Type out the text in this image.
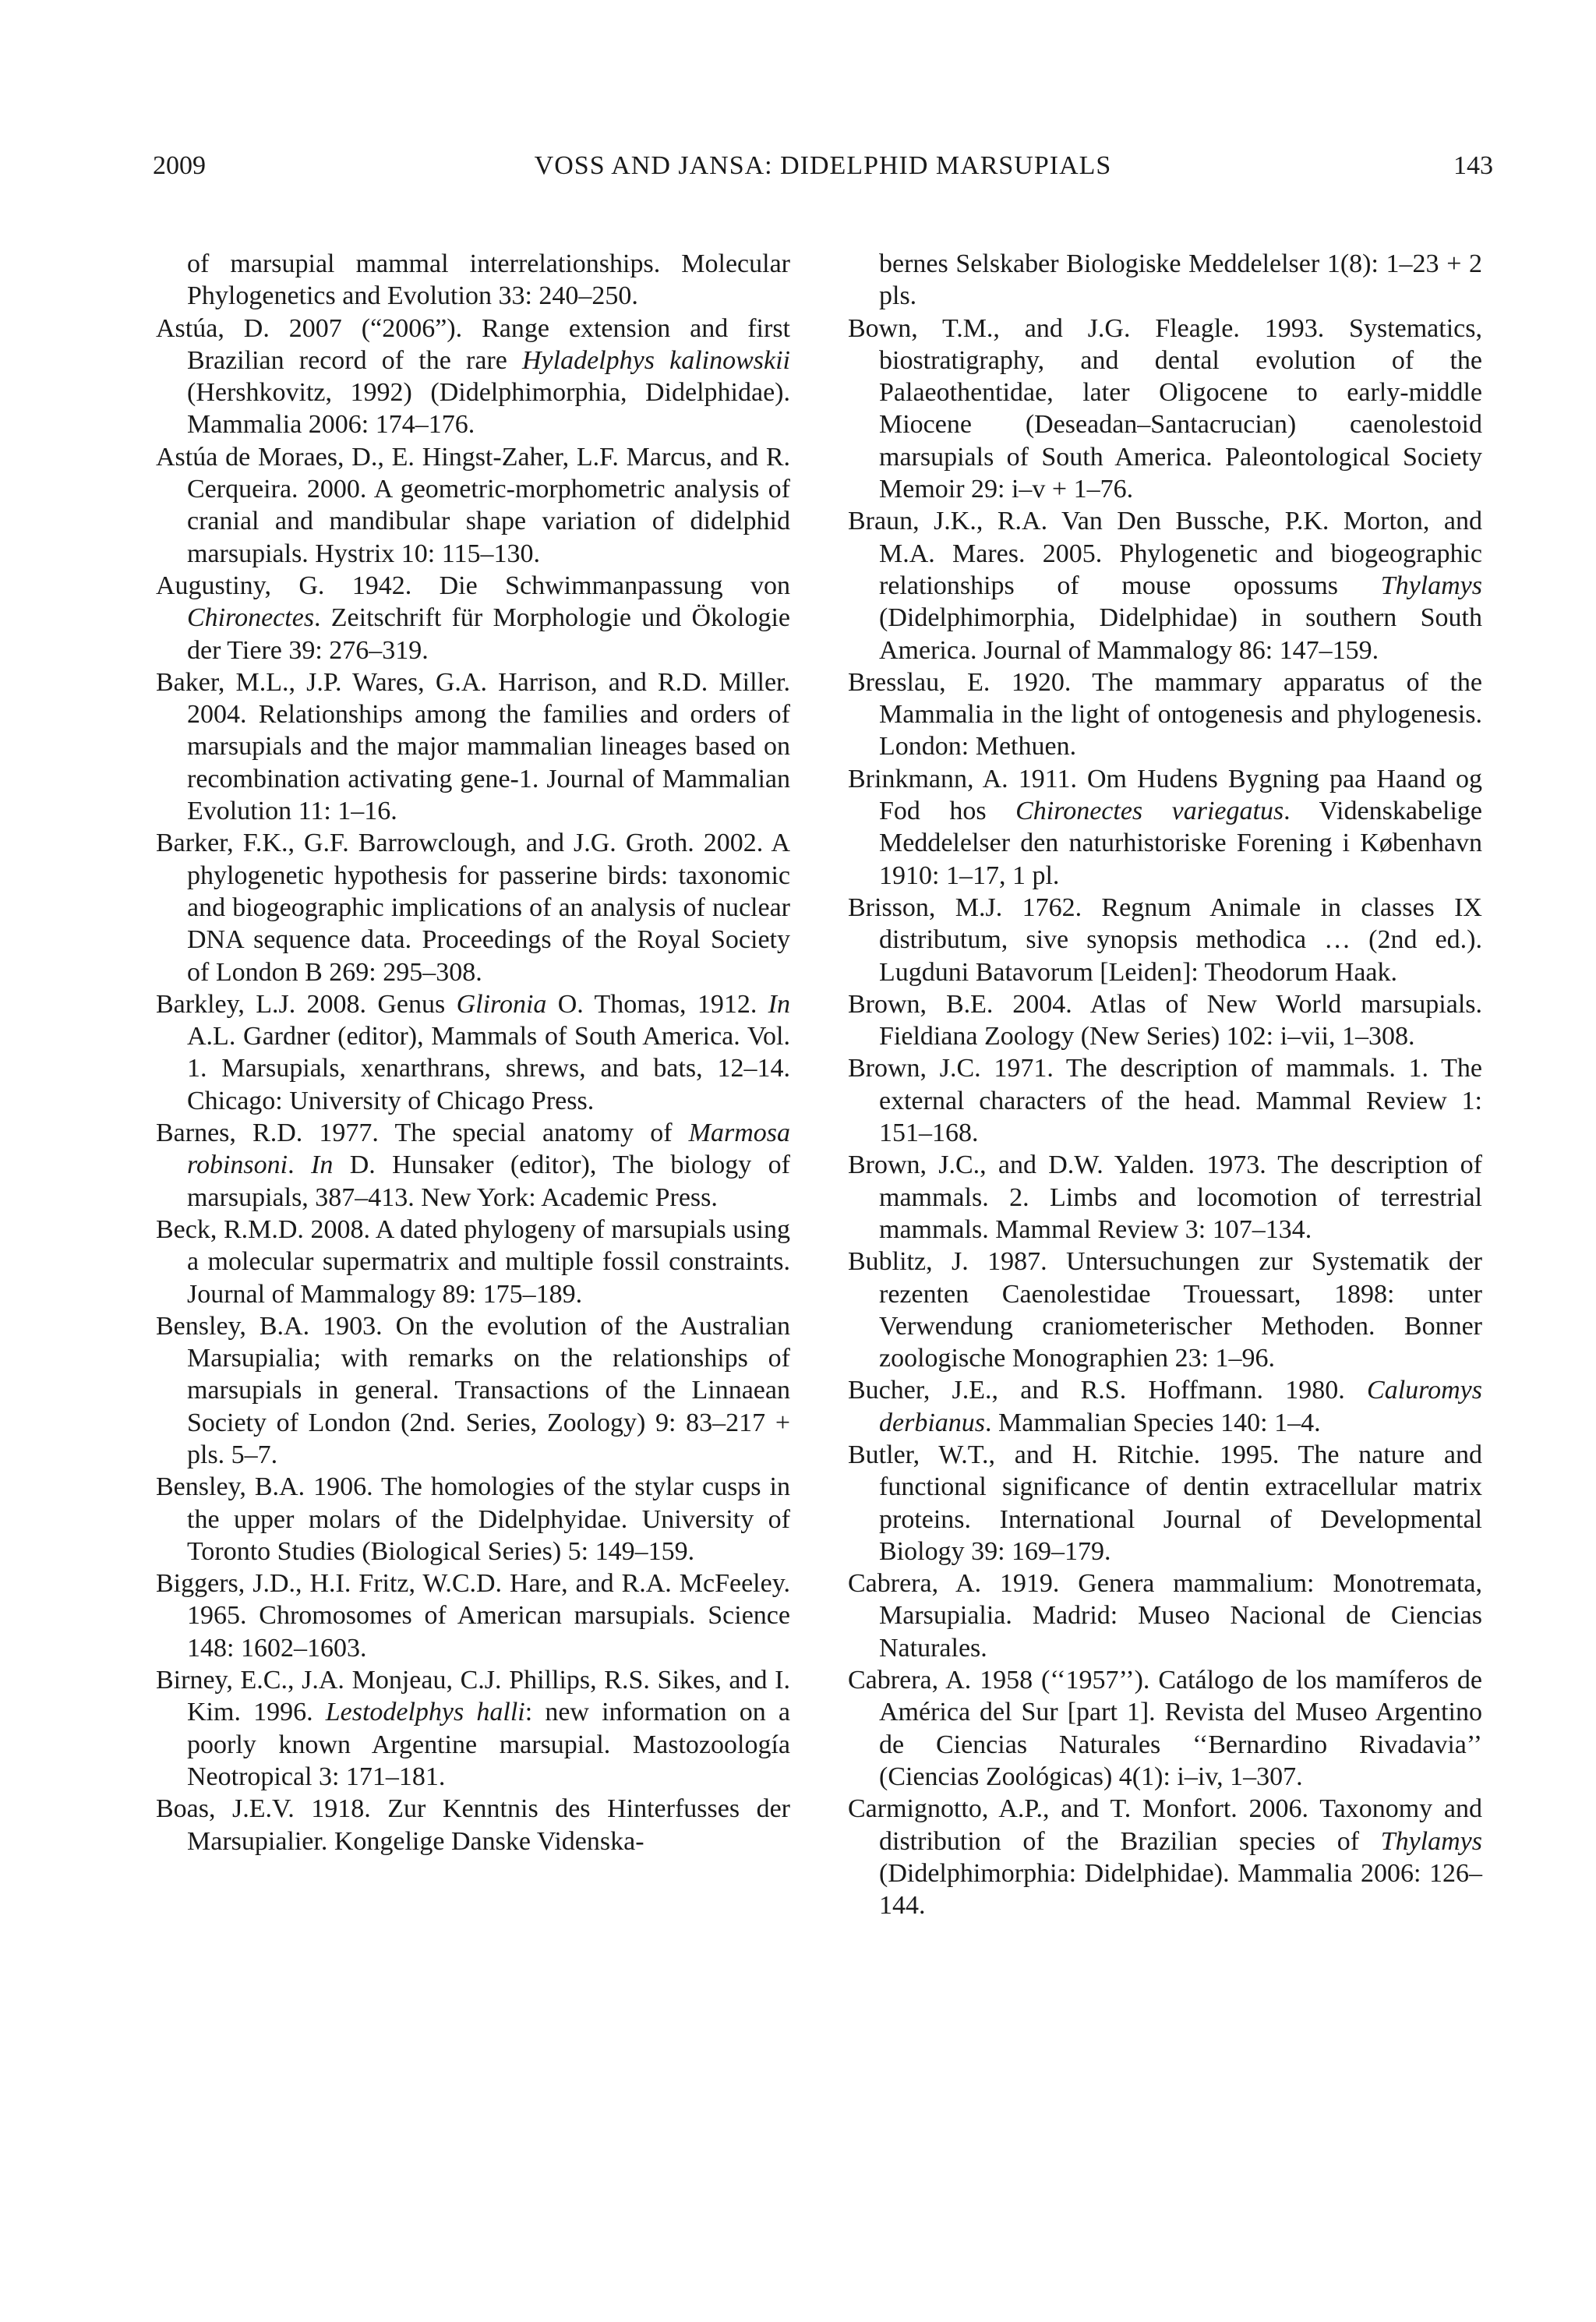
2009	VOSS AND JANSA: DIDELPHID MARSUPIALS	143

of marsupial mammal interrelationships. Molecular Phylogenetics and Evolution 33: 240–250.

Astúa, D. 2007 (“2006”). Range extension and first Brazilian record of the rare Hyladelphys kalinowskii (Hershkovitz, 1992) (Didelphimorphia, Didelphidae). Mammalia 2006: 174–176.

Astúa de Moraes, D., E. Hingst-Zaher, L.F. Marcus, and R. Cerqueira. 2000. A geometric-morphometric analysis of cranial and mandibular shape variation of didelphid marsupials. Hystrix 10: 115–130.

Augustiny, G. 1942. Die Schwimmanpassung von Chironectes. Zeitschrift für Morphologie und Ökologie der Tiere 39: 276–319.

Baker, M.L., J.P. Wares, G.A. Harrison, and R.D. Miller. 2004. Relationships among the families and orders of marsupials and the major mammalian lineages based on recombination activating gene-1. Journal of Mammalian Evolution 11: 1–16.

Barker, F.K., G.F. Barrowclough, and J.G. Groth. 2002. A phylogenetic hypothesis for passerine birds: taxonomic and biogeographic implications of an analysis of nuclear DNA sequence data. Proceedings of the Royal Society of London B 269: 295–308.

Barkley, L.J. 2008. Genus Glironia O. Thomas, 1912. In A.L. Gardner (editor), Mammals of South America. Vol. 1. Marsupials, xenarthrans, shrews, and bats, 12–14. Chicago: University of Chicago Press.

Barnes, R.D. 1977. The special anatomy of Marmosa robinsoni. In D. Hunsaker (editor), The biology of marsupials, 387–413. New York: Academic Press.

Beck, R.M.D. 2008. A dated phylogeny of marsupials using a molecular supermatrix and multiple fossil constraints. Journal of Mammalogy 89: 175–189.

Bensley, B.A. 1903. On the evolution of the Australian Marsupialia; with remarks on the relationships of marsupials in general. Transactions of the Linnaean Society of London (2nd. Series, Zoology) 9: 83–217 + pls. 5–7.

Bensley, B.A. 1906. The homologies of the stylar cusps in the upper molars of the Didelphyidae. University of Toronto Studies (Biological Series) 5: 149–159.

Biggers, J.D., H.I. Fritz, W.C.D. Hare, and R.A. McFeeley. 1965. Chromosomes of American marsupials. Science 148: 1602–1603.

Birney, E.C., J.A. Monjeau, C.J. Phillips, R.S. Sikes, and I. Kim. 1996. Lestodelphys halli: new information on a poorly known Argentine marsupial. Mastozoología Neotropical 3: 171–181.

Boas, J.E.V. 1918. Zur Kenntnis des Hinterfusses der Marsupialier. Kongelige Danske Videnska-

bernes Selskaber Biologiske Meddelelser 1(8): 1–23 + 2 pls.

Bown, T.M., and J.G. Fleagle. 1993. Systematics, biostratigraphy, and dental evolution of the Palaeothentidae, later Oligocene to early-middle Miocene (Deseadan–Santacrucian) caenolestoid marsupials of South America. Paleontological Society Memoir 29: i–v + 1–76.

Braun, J.K., R.A. Van Den Bussche, P.K. Morton, and M.A. Mares. 2005. Phylogenetic and biogeographic relationships of mouse opossums Thylamys (Didelphimorphia, Didelphidae) in southern South America. Journal of Mammalogy 86: 147–159.

Bresslau, E. 1920. The mammary apparatus of the Mammalia in the light of ontogenesis and phylogenesis. London: Methuen.

Brinkmann, A. 1911. Om Hudens Bygning paa Haand og Fod hos Chironectes variegatus. Videnskabelige Meddelelser den naturhistoriske Forening i København 1910: 1–17, 1 pl.

Brisson, M.J. 1762. Regnum Animale in classes IX distributum, sive synopsis methodica … (2nd ed.). Lugduni Batavorum [Leiden]: Theodorum Haak.

Brown, B.E. 2004. Atlas of New World marsupials. Fieldiana Zoology (New Series) 102: i–vii, 1–308.

Brown, J.C. 1971. The description of mammals. 1. The external characters of the head. Mammal Review 1: 151–168.

Brown, J.C., and D.W. Yalden. 1973. The description of mammals. 2. Limbs and locomotion of terrestrial mammals. Mammal Review 3: 107–134.

Bublitz, J. 1987. Untersuchungen zur Systematik der rezenten Caenolestidae Trouessart, 1898: unter Verwendung craniometerischer Methoden. Bonner zoologische Monographien 23: 1–96.

Bucher, J.E., and R.S. Hoffmann. 1980. Caluromys derbianus. Mammalian Species 140: 1–4.

Butler, W.T., and H. Ritchie. 1995. The nature and functional significance of dentin extracellular matrix proteins. International Journal of Developmental Biology 39: 169–179.

Cabrera, A. 1919. Genera mammalium: Monotremata, Marsupialia. Madrid: Museo Nacional de Ciencias Naturales.

Cabrera, A. 1958 (‘‘1957’’). Catálogo de los mamíferos de América del Sur [part 1]. Revista del Museo Argentino de Ciencias Naturales ‘‘Bernardino Rivadavia’’ (Ciencias Zoológicas) 4(1): i–iv, 1–307.

Carmignotto, A.P., and T. Monfort. 2006. Taxonomy and distribution of the Brazilian species of Thylamys (Didelphimorphia: Didelphidae). Mammalia 2006: 126–144.
